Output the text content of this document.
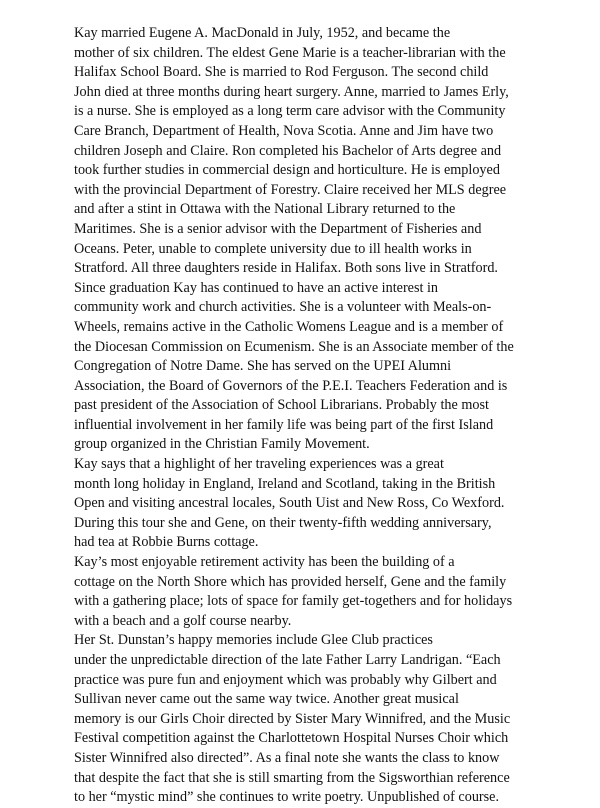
Kay married Eugene A. MacDonald in July, 1952, and became the
mother of six children. The eldest Gene Marie is a teacher-librarian with the
Halifax School Board. She is married to Rod Ferguson. The second child
John died at three months during heart surgery. Anne, married to James Erly,
is a nurse. She is employed as a long term care advisor with the Community
Care Branch, Department of Health, Nova Scotia. Anne and Jim have two
children Joseph and Claire. Ron completed his Bachelor of Arts degree and
took further studies in commercial design and horticulture. He is employed
with the provincial Department of Forestry. Claire received her MLS degree
and after a stint in Ottawa with the National Library returned to the
Maritimes. She is a senior advisor with the Department of Fisheries and
Oceans. Peter, unable to complete university due to ill health works in
Stratford. All three daughters reside in Halifax. Both sons live in Stratford.
Since graduation Kay has continued to have an active interest in
community work and church activities. She is a volunteer with Meals-on-
Wheels, remains active in the Catholic Womens League and is a member of
the Diocesan Commission on Ecumenism. She is an Associate member of the
Congregation of Notre Dame. She has served on the UPEI Alumni
Association, the Board of Governors of the P.E.I. Teachers Federation and is
past president of the Association of School Librarians. Probably the most
influential involvement in her family life was being part of the first Island
group organized in the Christian Family Movement.
Kay says that a highlight of her traveling experiences was a great
month long holiday in England, Ireland and Scotland, taking in the British
Open and visiting ancestral locales, South Uist and New Ross, Co Wexford.
During this tour she and Gene, on their twenty-fifth wedding anniversary,
had tea at Robbie Burns cottage.
Kay’s most enjoyable retirement activity has been the building of a
cottage on the North Shore which has provided herself, Gene and the family
with a gathering place; lots of space for family get-togethers and for holidays
with a beach and a golf course nearby.
Her St. Dunstan’s happy memories include Glee Club practices
under the unpredictable direction of the late Father Larry Landrigan. “Each
practice was pure fun and enjoyment which was probably why Gilbert and
Sullivan never came out the same way twice. Another great musical
memory is our Girls Choir directed by Sister Mary Winnifred, and the Music
Festival competition against the Charlottetown Hospital Nurses Choir which
Sister Winnifred also directed”. As a final note she wants the class to know
that despite the fact that she is still smarting from the Sigsworthian reference
to her “mystic mind” she continues to write poetry. Unpublished of course.
